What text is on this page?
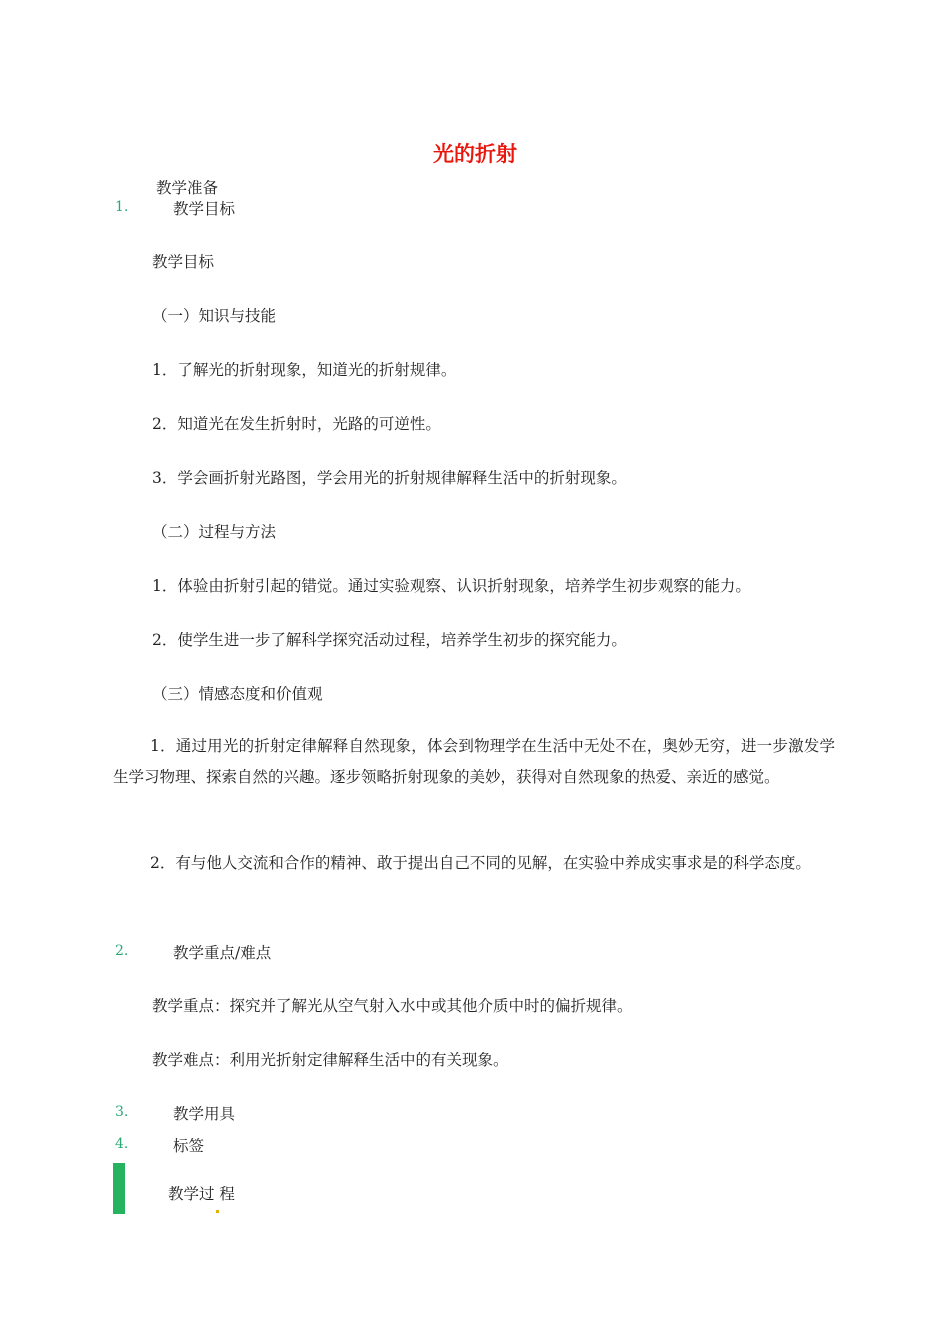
光的折射
教学准备
1.	教学目标
教学目标
（一）知识与技能
1．了解光的折射现象，知道光的折射规律。
2．知道光在发生折射时，光路的可逆性。
3．学会画折射光路图，学会用光的折射规律解释生活中的折射现象。
（二）过程与方法
1．体验由折射引起的错觉。通过实验观察、认识折射现象，培养学生初步观察的能力。
2．使学生进一步了解科学探究活动过程，培养学生初步的探究能力。
（三）情感态度和价值观
1．通过用光的折射定律解释自然现象，体会到物理学在生活中无处不在，奥妙无穷，进一步激发学生学习物理、探索自然的兴趣。逐步领略折射现象的美妙，获得对自然现象的热爱、亲近的感觉。
2．有与他人交流和合作的精神、敢于提出自己不同的见解，在实验中养成实事求是的科学态度。
2.	教学重点/难点
教学重点：探究并了解光从空气射入水中或其他介质中时的偏折规律。
教学难点：利用光折射定律解释生活中的有关现象。
3.	教学用具
4.	标签
教学过 程
